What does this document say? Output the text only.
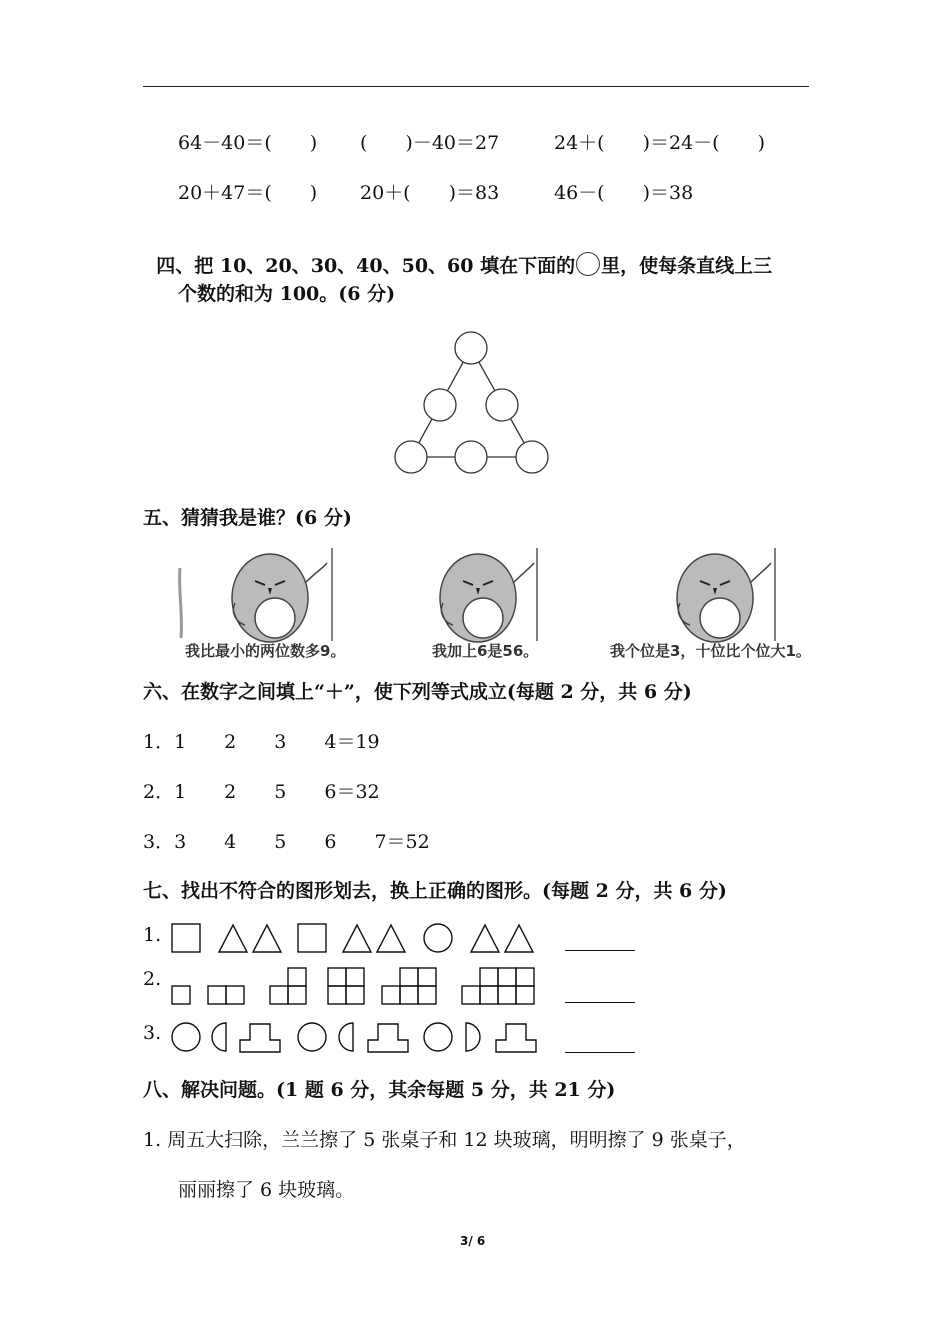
64－40＝(　　) (　　)－40＝27	24＋(　　)＝24－(　　)
20＋47＝(　　) 20＋(　　)＝83	46－(　　)＝38

四、把 10、20、30、40、50、60 填在下面的 里，使每条直线上三

个数的和为 100。(6 分)
五、猜猜我是谁？(6 分)
我比最小的两位数多9。	我加上6是56。	我个位是3，十位比个位大1。
六、在数字之间填上“＋”，使下列等式成立(每题 2 分，共 6 分)
1．1　　2　　3　　4＝19
2．1　　2　　5　　6＝32
3．3　　4　　5　　6　　7＝52
七、找出不符合的图形划去，换上正确的图形。(每题 2 分，共 6 分)
1.
2.
3.
八、解决问题。(1 题 6 分，其余每题 5 分，共 21 分)
1. 周五大扫除，兰兰擦了 5 张桌子和 12 块玻璃，明明擦了 9 张桌子，
丽丽擦了 6 块玻璃。
3/ 6
